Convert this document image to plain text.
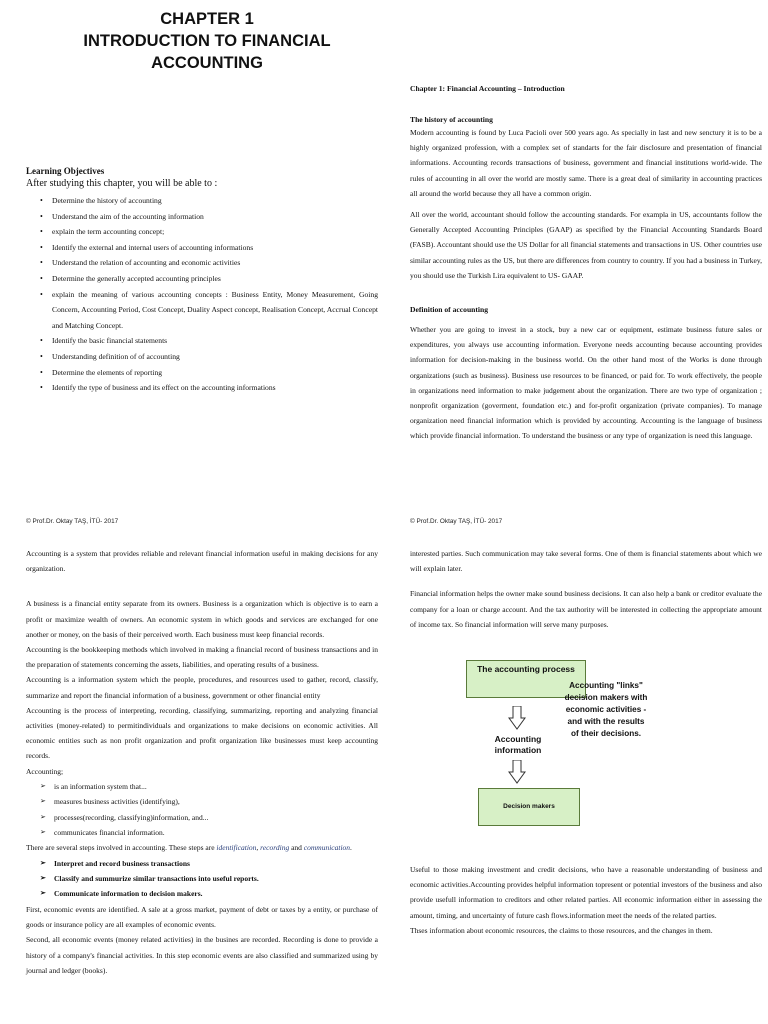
CHAPTER 1
INTRODUCTION TO FINANCIAL
ACCOUNTING
Learning Objectives
After studying this chapter, you will be able to :
• Determine the history of accounting
• Understand the aim of the accounting information
• explain the term accounting concept;
• Identify the external and internal users of accounting informations
• Understand the relation of accounting and economic activities
• Determine the generally accepted accounting principles
• explain the meaning of various accounting concepts : Business Entity, Money Measurement, Going Concern, Accounting Period, Cost Concept, Duality Aspect concept, Realisation Concept, Accrual Concept and Matching Concept.
• Identify the basic financial statements
• Understanding definition of of accounting
• Determine the elements of reporting
• Identify the type of business and its effect on the accounting informations
© Prof.Dr. Oktay TAŞ, İTÜ- 2017
Chapter 1: Financial Accounting – Introduction
The history of accounting

Modern accounting is found by Luca Pacioli over 500 years ago. As specially in last and new senctury it is to be a highly organized profession, with a complex set of standarts for the fair disclosure and presentation of financial informations. Accounting records transactions of business, government and financial institutions world-wide. The rules of accounting in all over the world are mostly same. There is a great deal of similarity in accounting practices all around the world because they all have a common origin.

All over the world, accountant should follow the accounting standards. For exampla in US, accountants follow the Generally Accepted Accounting Principles (GAAP) as specified by the Financial Accounting Standards Board (FASB). Accountant should use the US Dollar for all financial statements and transactions in US. Other countries use similar accounting rules as the US, but there are differences from country to country. If you had a business in Turkey, you should use the Turkish Lira equivalent to US- GAAP.

Definition of accounting

Whether you are going to invest in a stock, buy a new car or equipment, estimate business future sales or expenditures, you always use accounting information. Everyone needs accounting because accounting provides information for decision-making in the business world. On the other hand most of the Works is done through organizations (such as business). Business use resources to be financed, or paid for. To work effectively, the people in organizations need information to make judgement about the organization. There are two type of organization ; nonprofit organization (goverment, foundation etc.) and for-profit organization (private companies). To manage organization need financial information which is provided by accounting. Accounting is the language of business which provide financial information. To understand the business or any type of organization is need this language.

© Prof.Dr. Oktay TAŞ, İTÜ- 2017

Accounting is a system that provides reliable and relevant financial information useful in making decisions for any organization.

A business is a financial entity separate from its owners. Business is a organization which is objective is to earn a profit or maximize wealth of owners. An economic system in which goods and services are exchanged for one another or money, on the basis of their perceived worth. Each business must keep financial records.

Accounting is the bookkeeping methods which involved in making a financial record of business transactions and in the preparation of statements concerning the assets, liabilities, and operating results of a business.

Accounting is a information system which the people, procedures, and resources used to gather, record, classify, summarize and report the financial information of a business, government or other financial entity

Accounting is the process of interpreting, recording, classifying, summarizing, reporting and analyzing financial activities (money-related) to permitindividuals and organizations to make decisions on economic activities. All economic entities such as non profit organization and profit organization like businesses must keep accounting records.

Accounting;

➢ is an information system that...
➢ measures business activities (identifying),
➢ processes(recording, classifying)information, and...
➢ communicates financial information.

There are several steps involved in accounting. These steps are identification, recording and communication.

➢ Interpret and record business transactions
➢ Classify and summurize similar transactions into useful reports.
➢ Communicate information to decision makers.

First, economic events are identified. A sale at a gross market, payment of debt or taxes by a entity, or purchase of goods or insurance policy are all examples of economic events.

Second, all economic events (money related activities) in the busines are recorded. Recording is done to provide a history of a company's financial activities. In this step economic events are also classified and summarized using by journal and ledger (books).

interested parties. Such communication may take several forms. One of them is financial statements about which we will explain later.

Financial information helps the owner make sound business decisions. It can also help a bank or creditor evaluate the company for a loan or charge account. And the tax authority will be interested in collecting the appropriate amount of income tax. So financial information will serve many purposes.

The accounting process
Accounting information
Decision makers
Accounting "links" decision makers with economic activities - and with the results of their decisions.

Useful to those making investment and credit decisions, who have a reasonable understanding of business and economic activities.Accounting provides helpful information topresent or potential investors of the business and also provide usefull information to creditors and other related parties. All economic information either in assessing the amount, timing, and uncertainty of future cash flows.information meet the needs of the related parties.

Thses information about economic resources, the claims to those resources, and the changes in them.
